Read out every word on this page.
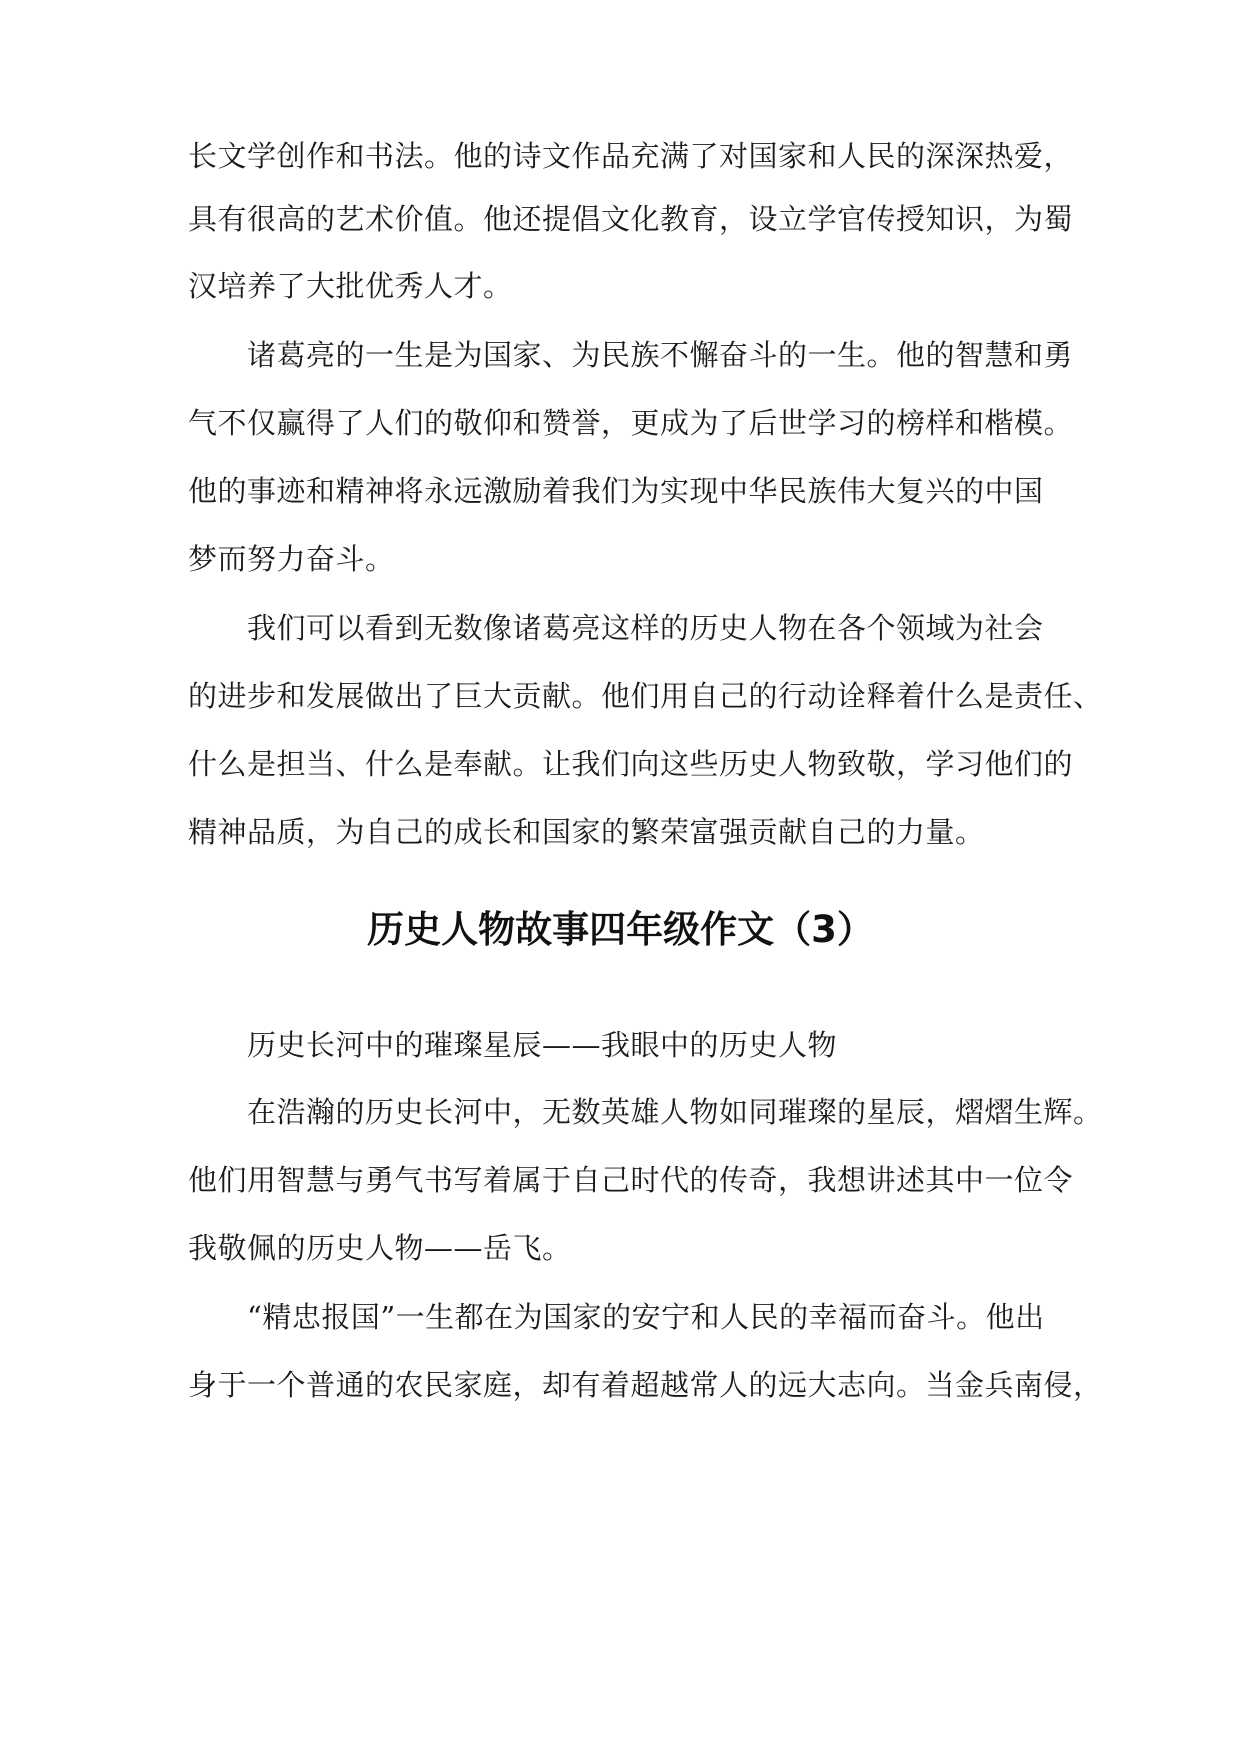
长文学创作和书法。他的诗文作品充满了对国家和人民的深深热爱，
具有很高的艺术价值。他还提倡文化教育，设立学官传授知识，为蜀
汉培养了大批优秀人才。
诸葛亮的一生是为国家、为民族不懈奋斗的一生。他的智慧和勇
气不仅赢得了人们的敬仰和赞誉，更成为了后世学习的榜样和楷模。
他的事迹和精神将永远激励着我们为实现中华民族伟大复兴的中国
梦而努力奋斗。
我们可以看到无数像诸葛亮这样的历史人物在各个领域为社会
的进步和发展做出了巨大贡献。他们用自己的行动诠释着什么是责任、
什么是担当、什么是奉献。让我们向这些历史人物致敬，学习他们的
精神品质，为自己的成长和国家的繁荣富强贡献自己的力量。
历史人物故事四年级作文（3）
历史长河中的璀璨星辰——我眼中的历史人物
在浩瀚的历史长河中，无数英雄人物如同璀璨的星辰，熠熠生辉。
他们用智慧与勇气书写着属于自己时代的传奇，我想讲述其中一位令
我敬佩的历史人物——岳飞。
“精忠报国”一生都在为国家的安宁和人民的幸福而奋斗。他出
身于一个普通的农民家庭，却有着超越常人的远大志向。当金兵南侵，
